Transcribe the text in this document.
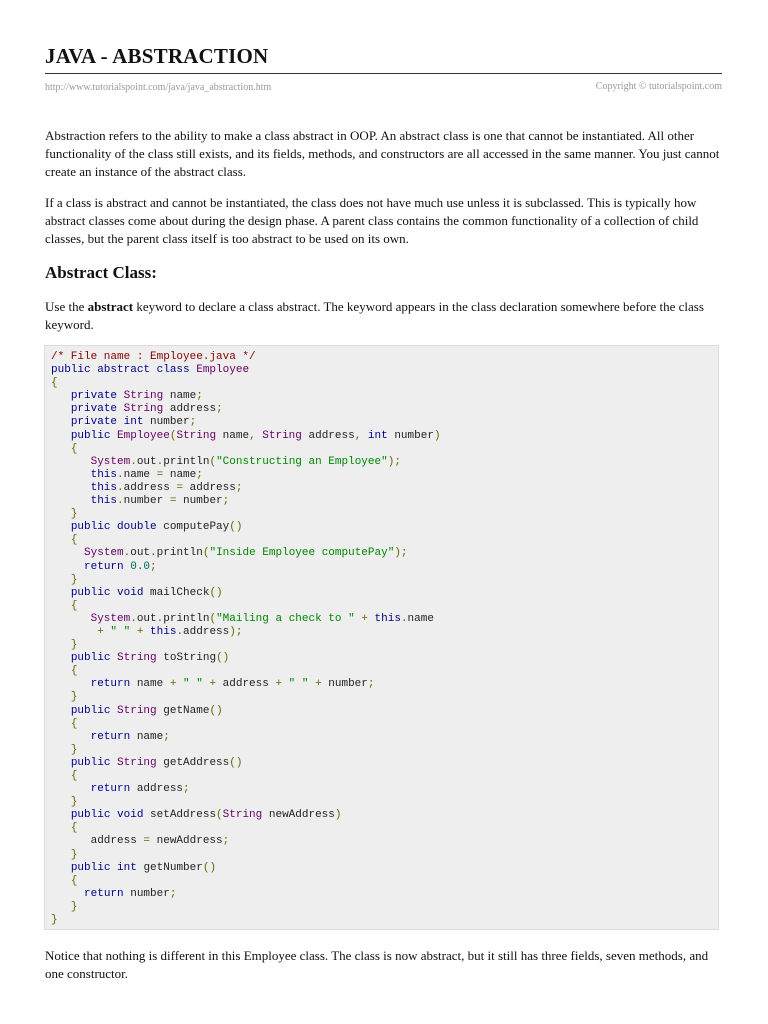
JAVA - ABSTRACTION
http://www.tutorialspoint.com/java/java_abstraction.htm	Copyright © tutorialspoint.com

Abstraction refers to the ability to make a class abstract in OOP. An abstract class is one that cannot be instantiated. All other functionality of the class still exists, and its fields, methods, and constructors are all accessed in the same manner. You just cannot create an instance of the abstract class.

If a class is abstract and cannot be instantiated, the class does not have much use unless it is subclassed. This is typically how abstract classes come about during the design phase. A parent class contains the common functionality of a collection of child classes, but the parent class itself is too abstract to be used on its own.

Abstract Class:

Use the abstract keyword to declare a class abstract. The keyword appears in the class declaration somewhere before the class keyword.

/* File name : Employee.java */
public abstract class Employee
{
private String name;
private String address;
private int number;
public Employee(String name, String address, int number)
{
System.out.println("Constructing an Employee");
this.name = name;
this.address = address;
this.number = number;
}
public double computePay()
{
System.out.println("Inside Employee computePay");
return 0.0;
}
public void mailCheck()
{
System.out.println("Mailing a check to " + this.name
+ " " + this.address);
}
public String toString()
{
return name + " " + address + " " + number;
}
public String getName()
{
return name;
}
public String getAddress()
{
return address;
}
public void setAddress(String newAddress)
{
address = newAddress;
}
public int getNumber()
{
return number;
}
}

Notice that nothing is different in this Employee class. The class is now abstract, but it still has three fields, seven methods, and one constructor.
